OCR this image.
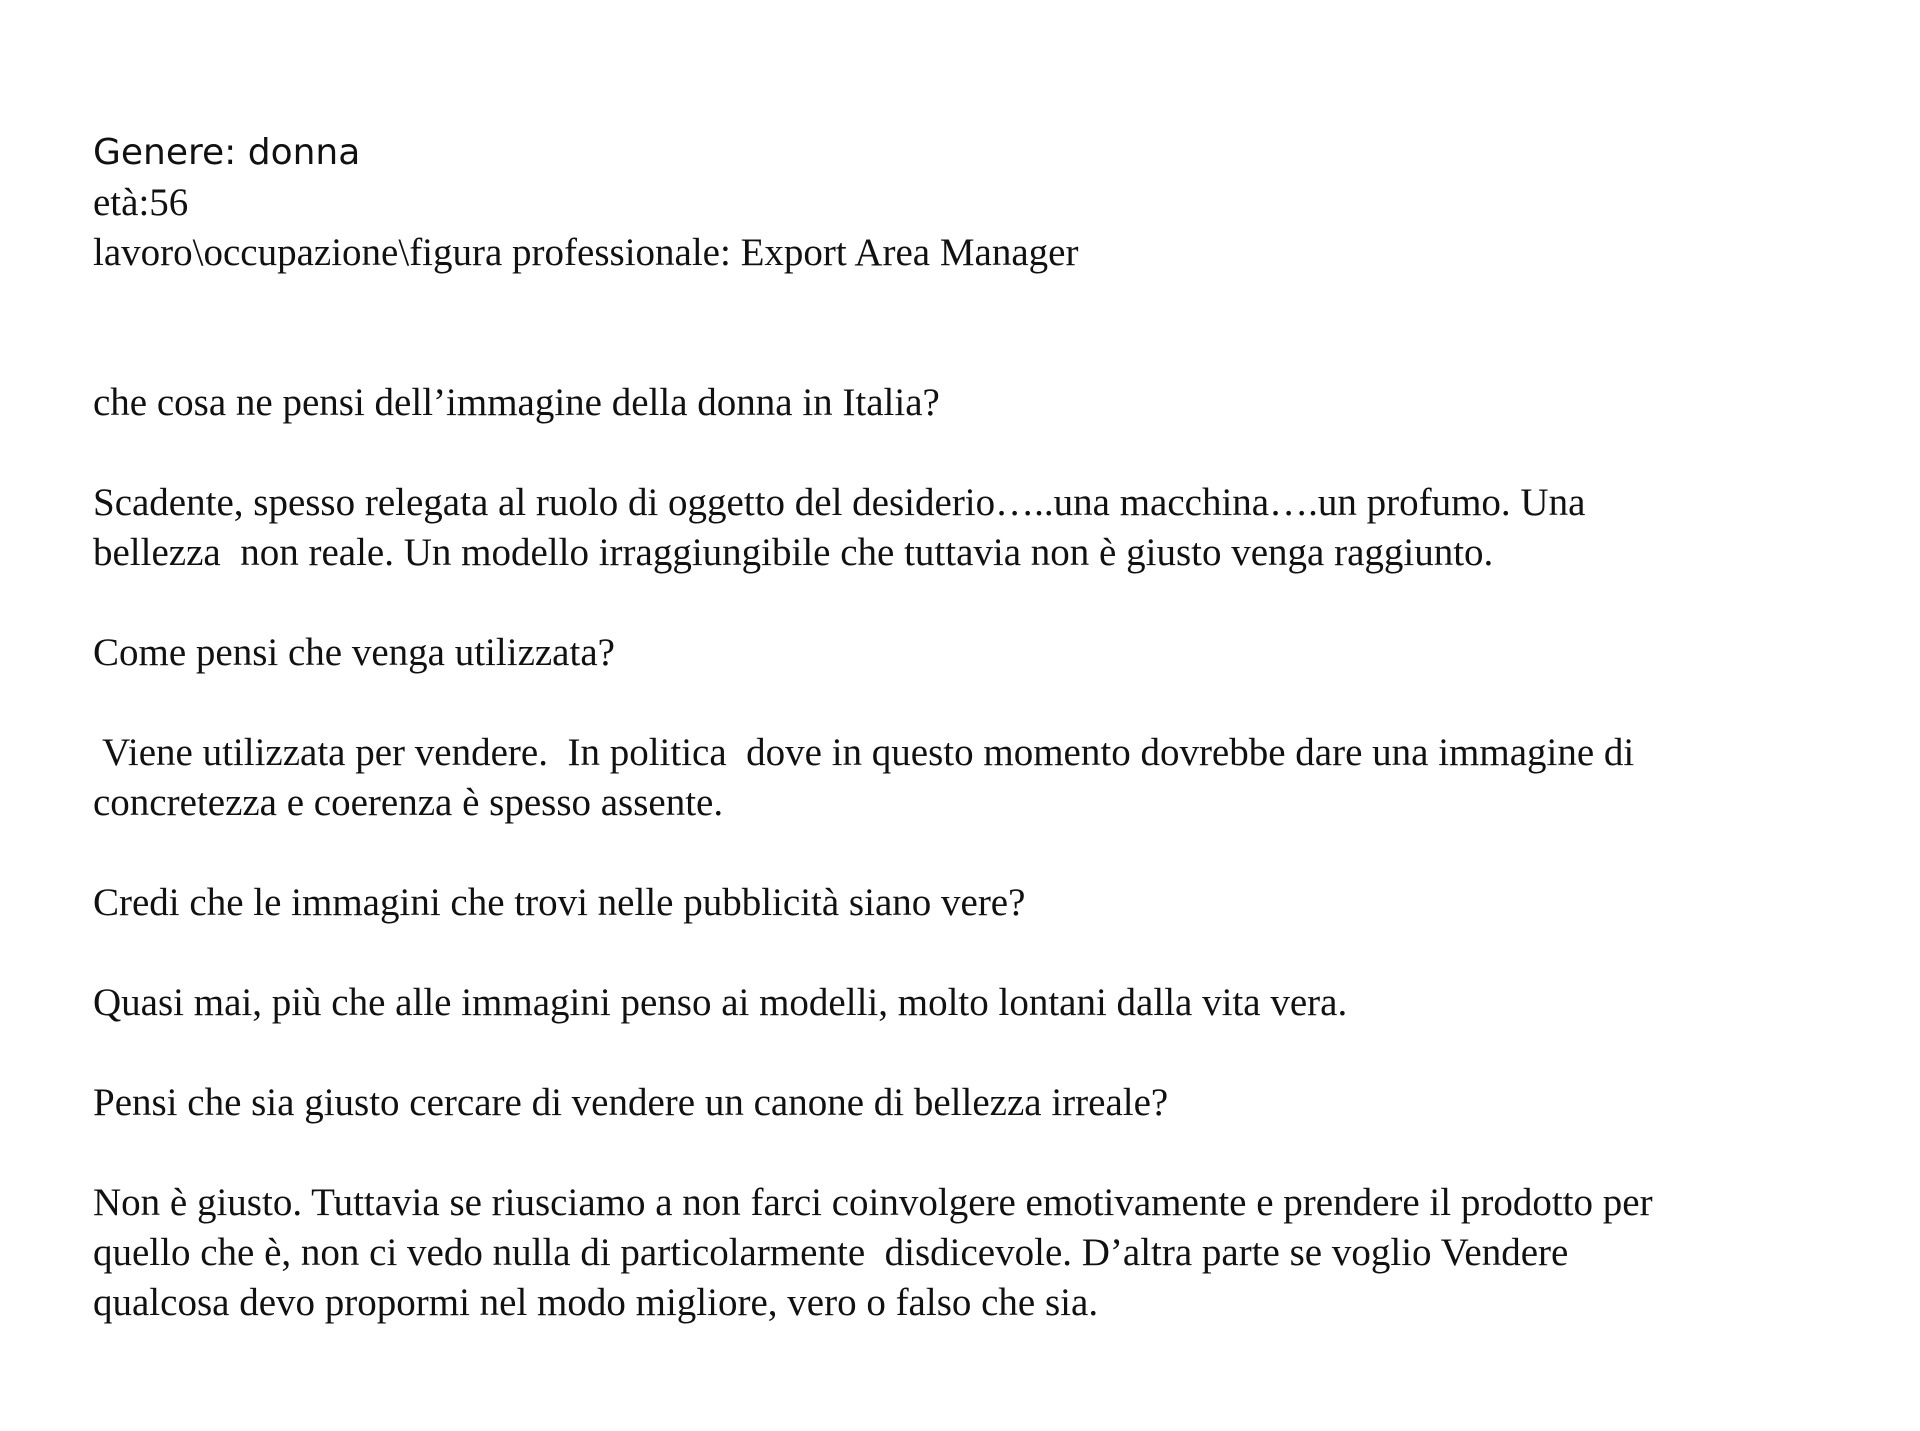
Genere: donna
età:56
lavoro\occupazione\figura professionale: Export Area Manager
che cosa ne pensi dell’immagine della donna in Italia?
Scadente, spesso relegata al ruolo di oggetto del desiderio…..una macchina….un profumo. Una
bellezza  non reale. Un modello irraggiungibile che tuttavia non è giusto venga raggiunto.
Come pensi che venga utilizzata?
Viene utilizzata per vendere.  In politica  dove in questo momento dovrebbe dare una immagine di
concretezza e coerenza è spesso assente.
Credi che le immagini che trovi nelle pubblicità siano vere?
Quasi mai, più che alle immagini penso ai modelli, molto lontani dalla vita vera.
Pensi che sia giusto cercare di vendere un canone di bellezza irreale?
Non è giusto. Tuttavia se riusciamo a non farci coinvolgere emotivamente e prendere il prodotto per
quello che è, non ci vedo nulla di particolarmente  disdicevole. D’altra parte se voglio Vendere
qualcosa devo propormi nel modo migliore, vero o falso che sia.
